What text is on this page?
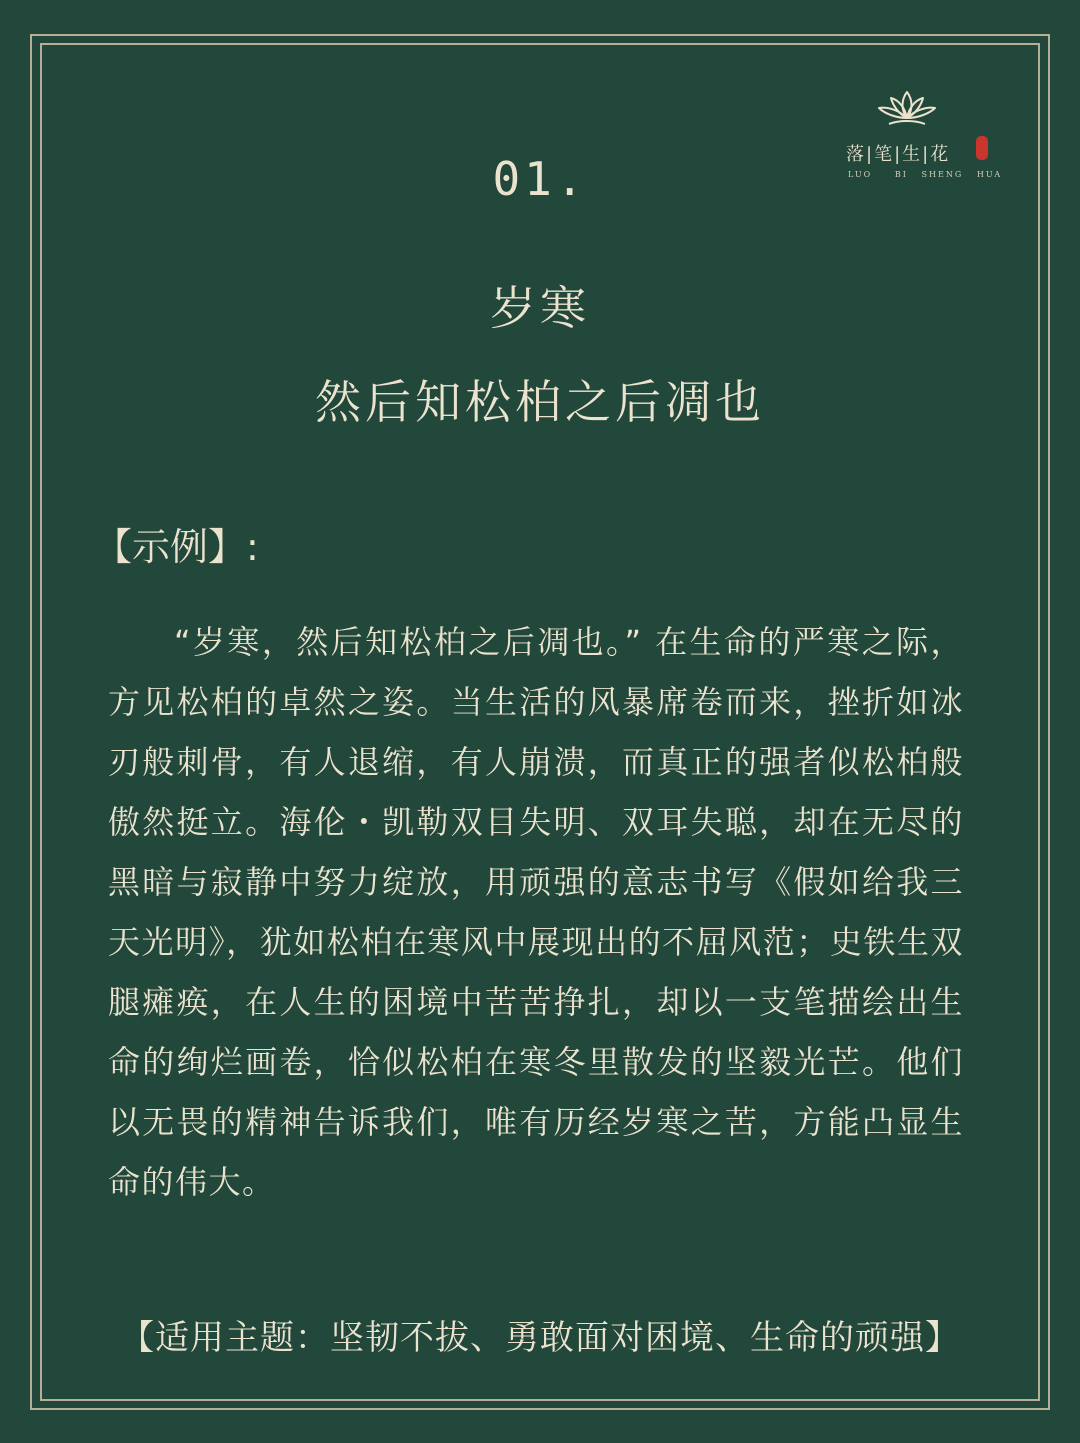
落|笔|生|花
LUO     BI   SHENG   HUA
01.
岁寒
然后知松柏之后凋也
【示例】:

“岁寒，然后知松柏之后凋也。” 在生命的严寒之际，方见松柏的卓然之姿。当生活的风暴席卷而来，挫折如冰刃般刺骨，有人退缩，有人崩溃，而真正的强者似松柏般傲然挺立。海伦・凯勒双目失明、双耳失聪，却在无尽的黑暗与寂静中努力绽放，用顽强的意志书写《假如给我三天光明》，犹如松柏在寒风中展现出的不屈风范；史铁生双腿瘫痪，在人生的困境中苦苦挣扎，却以一支笔描绘出生命的绚烂画卷，恰似松柏在寒冬里散发的坚毅光芒。他们以无畏的精神告诉我们，唯有历经岁寒之苦，方能凸显生命的伟大。

【适用主题：坚韧不拔、勇敢面对困境、生命的顽强】
